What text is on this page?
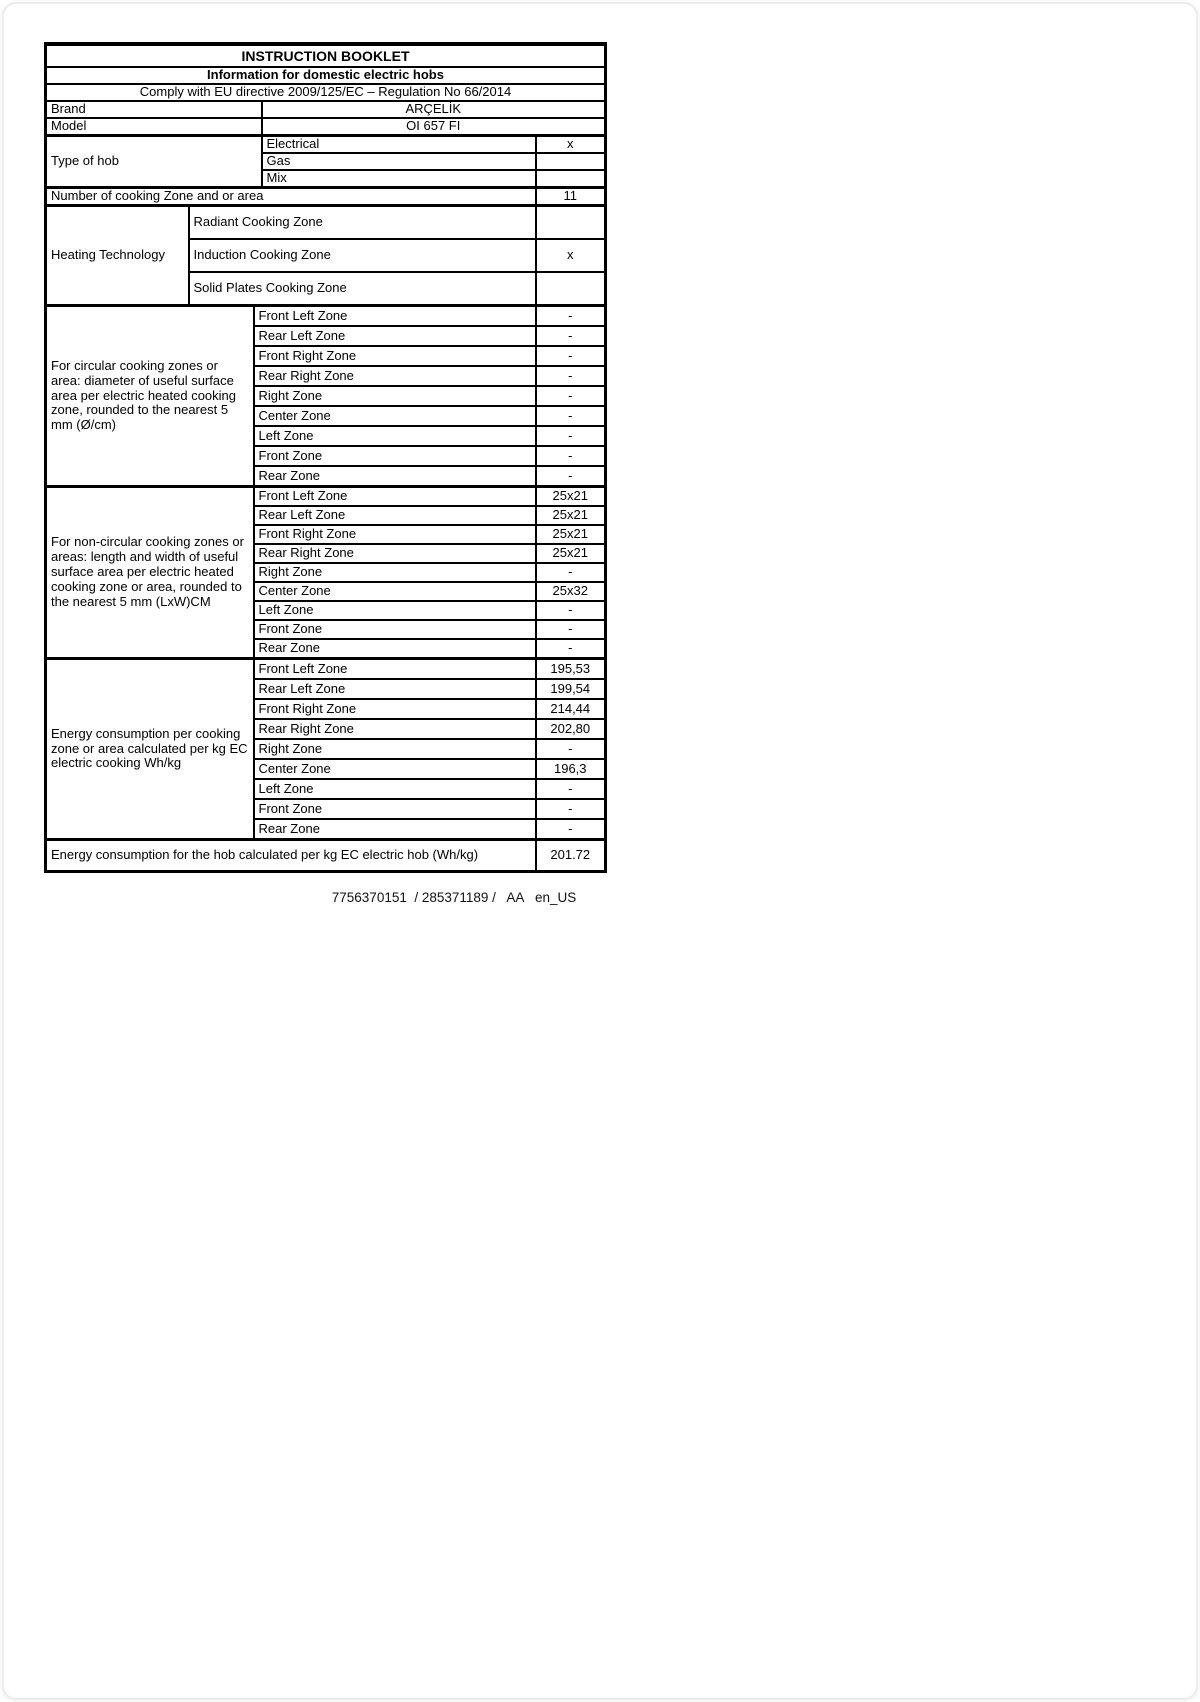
INSTRUCTION BOOKLET				
Information for domestic electric hobs				
Comply with EU directive 2009/125/EC – Regulation No 66/2014				
Brand			ARÇELİK	
Model			OI 657 FI	
Type of hob			Electrical	x
			Gas	
			Mix	
Number of cooking Zone and or area				11
Heating Technology	Radiant Cooking Zone			
	Induction Cooking Zone			x
	Solid Plates Cooking Zone			
For circular cooking zones or area: diameter of useful surface area per electric heated cooking zone, rounded to the nearest 5 mm (Ø/cm)		Front Left Zone		-
		Rear Left Zone		-
		Front Right Zone		-
		Rear Right Zone		-
		Right Zone		-
		Center Zone		-
		Left Zone		-
		Front Zone		-
		Rear Zone		-
For non-circular cooking zones or areas: length and width of useful surface area per electric heated cooking zone or area, rounded to the nearest 5 mm (LxW)CM		Front Left Zone		25x21
		Rear Left Zone		25x21
		Front Right Zone		25x21
		Rear Right Zone		25x21
		Right Zone		-
		Center Zone		25x32
		Left Zone		-
		Front Zone		-
		Rear Zone		-
Energy consumption per cooking zone or area calculated per kg EC electric cooking Wh/kg		Front Left Zone		195,53
		Rear Left Zone		199,54
		Front Right Zone		214,44
		Rear Right Zone		202,80
		Right Zone		-
		Center Zone		196,3
		Left Zone		-
		Front Zone		-
		Rear Zone		-
Energy consumption for the hob calculated per kg EC electric hob (Wh/kg)				201.72
7756370151  / 285371189 /   AA   en_US
